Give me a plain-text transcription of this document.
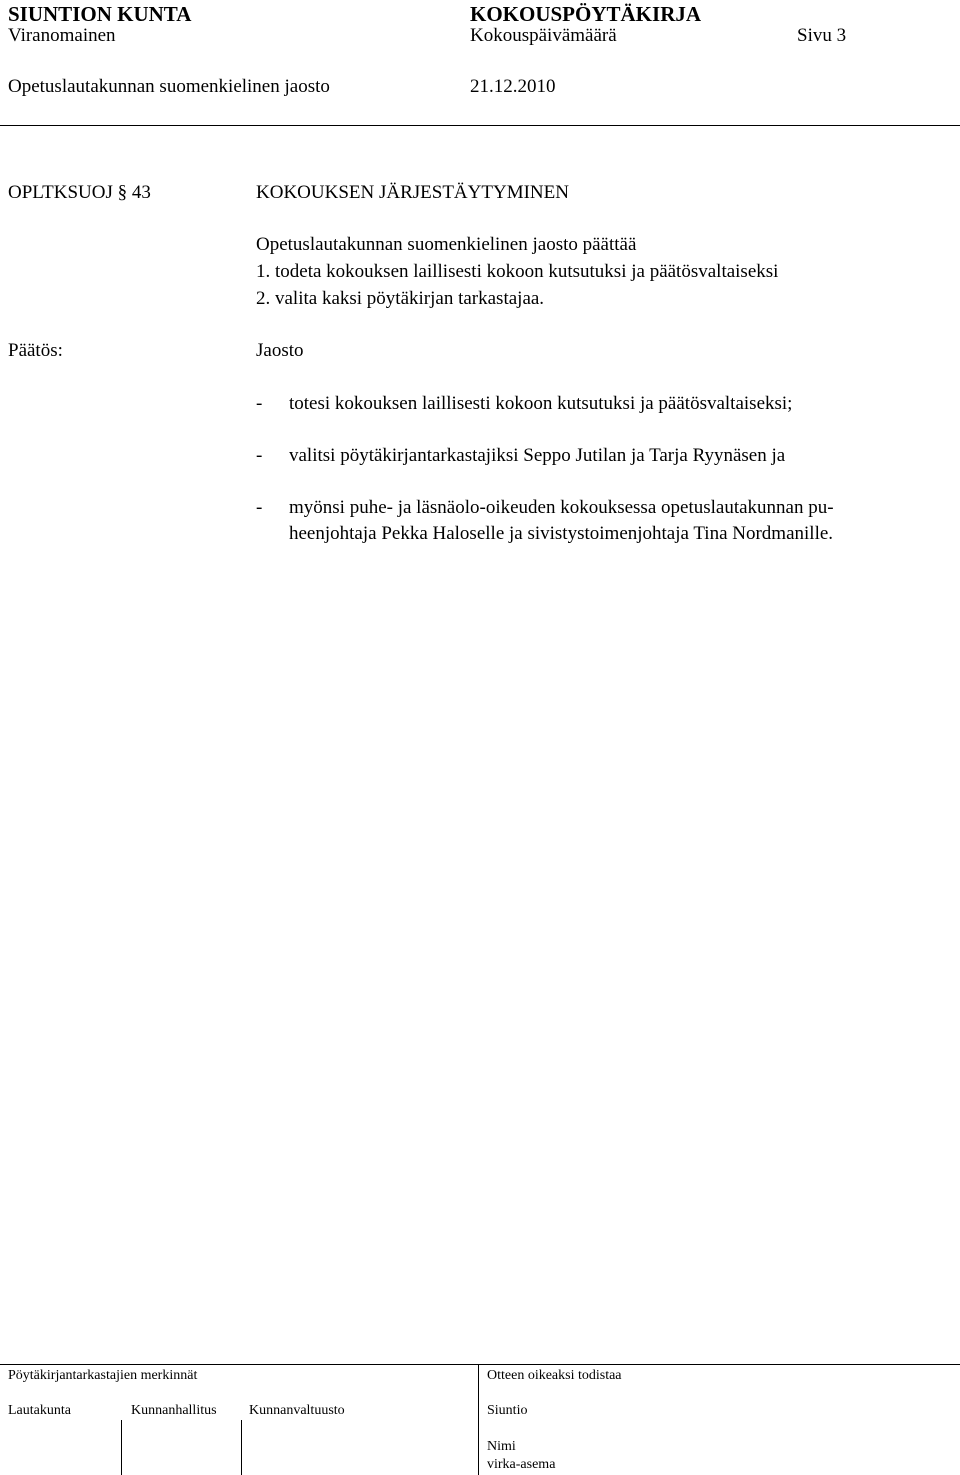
SIUNTION KUNTA	KOKOUSPÖYTÄKIRJA
Viranomainen	Kokouspäivämäärä	Sivu 3
Opetuslautakunnan suomenkielinen jaosto	21.12.2010
OPLTKSUOJ § 43	KOKOUKSEN JÄRJESTÄYTYMINEN
Opetuslautakunnan suomenkielinen jaosto päättää
1. todeta kokouksen laillisesti kokoon kutsutuksi ja päätösvaltaiseksi
2. valita kaksi pöytäkirjan tarkastajaa.
Päätös:	Jaosto
- totesi kokouksen laillisesti kokoon kutsutuksi ja päätösvaltaiseksi;
- valitsi pöytäkirjantarkastajiksi Seppo Jutilan ja Tarja Ryynäsen ja
- myönsi puhe- ja läsnäolo-oikeuden kokouksessa opetuslautakunnan pu-
heenjohtaja Pekka Haloselle ja sivistystoimenjohtaja Tina Nordmanille.
Pöytäkirjantarkastajien merkinnät	Otteen oikeaksi todistaa
Lautakunta	Kunnanhallitus Kunnanvaltuusto	Siuntio
Nimi
virka-asema
